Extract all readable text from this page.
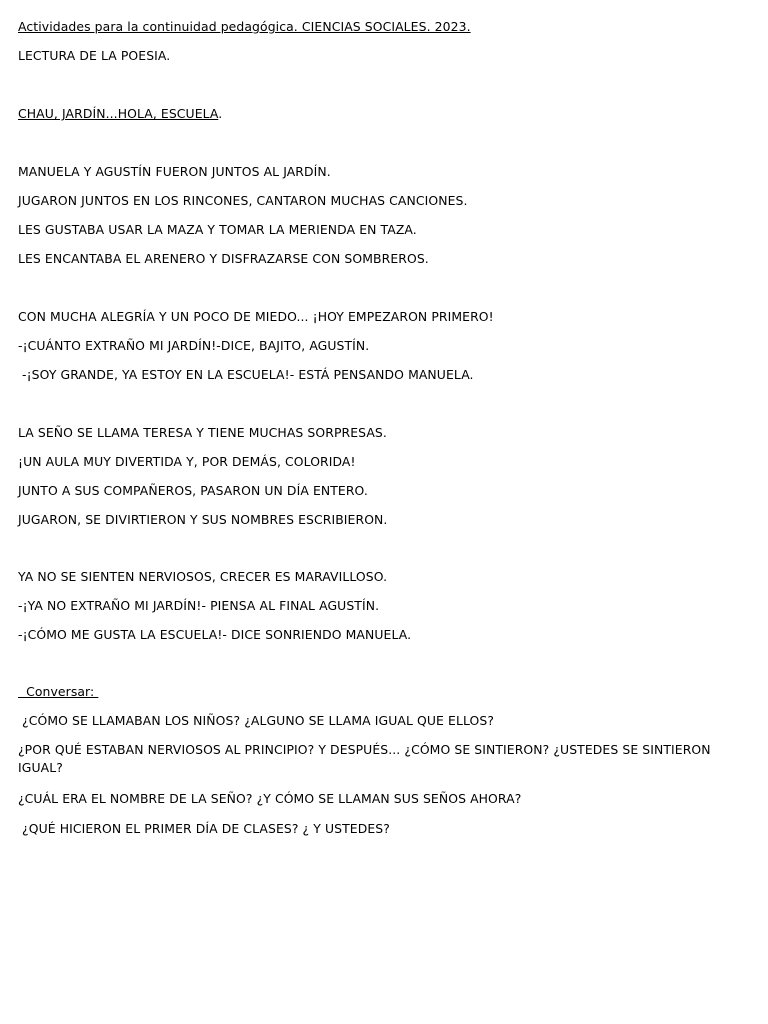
Actividades para la continuidad pedagógica. CIENCIAS SOCIALES. 2023.
LECTURA DE LA POESIA.
CHAU, JARDÍN...HOLA, ESCUELA.
MANUELA Y AGUSTÍN FUERON JUNTOS AL JARDÍN.
JUGARON JUNTOS EN LOS RINCONES, CANTARON MUCHAS CANCIONES.
LES GUSTABA USAR LA MAZA Y TOMAR LA MERIENDA EN TAZA.
LES ENCANTABA EL ARENERO Y DISFRAZARSE CON SOMBREROS.
CON MUCHA ALEGRÍA Y UN POCO DE MIEDO... ¡HOY EMPEZARON PRIMERO!
-¡CUÁNTO EXTRAÑO MI JARDÍN!-DICE, BAJITO, AGUSTÍN.
-¡SOY GRANDE, YA ESTOY EN LA ESCUELA!- ESTÁ PENSANDO MANUELA.
LA SEÑO SE LLAMA TERESA Y TIENE MUCHAS SORPRESAS.
¡UN AULA MUY DIVERTIDA Y, POR DEMÁS, COLORIDA!
JUNTO A SUS COMPAÑEROS, PASARON UN DÍA ENTERO.
JUGARON, SE DIVIRTIERON Y SUS NOMBRES ESCRIBIERON.
YA NO SE SIENTEN NERVIOSOS, CRECER ES MARAVILLOSO.
-¡YA NO EXTRAÑO MI JARDÍN!- PIENSA AL FINAL AGUSTÍN.
-¡CÓMO ME GUSTA LA ESCUELA!- DICE SONRIENDO MANUELA.
Conversar:
¿CÓMO SE LLAMABAN LOS NIÑOS? ¿ALGUNO SE LLAMA IGUAL QUE ELLOS?
¿POR QUÉ ESTABAN NERVIOSOS AL PRINCIPIO? Y DESPUÉS... ¿CÓMO SE SINTIERON? ¿USTEDES SE SINTIERON IGUAL?
¿CUÁL ERA EL NOMBRE DE LA SEÑO? ¿Y CÓMO SE LLAMAN SUS SEÑOS AHORA?
¿QUÉ HICIERON EL PRIMER DÍA DE CLASES? ¿ Y USTEDES?
